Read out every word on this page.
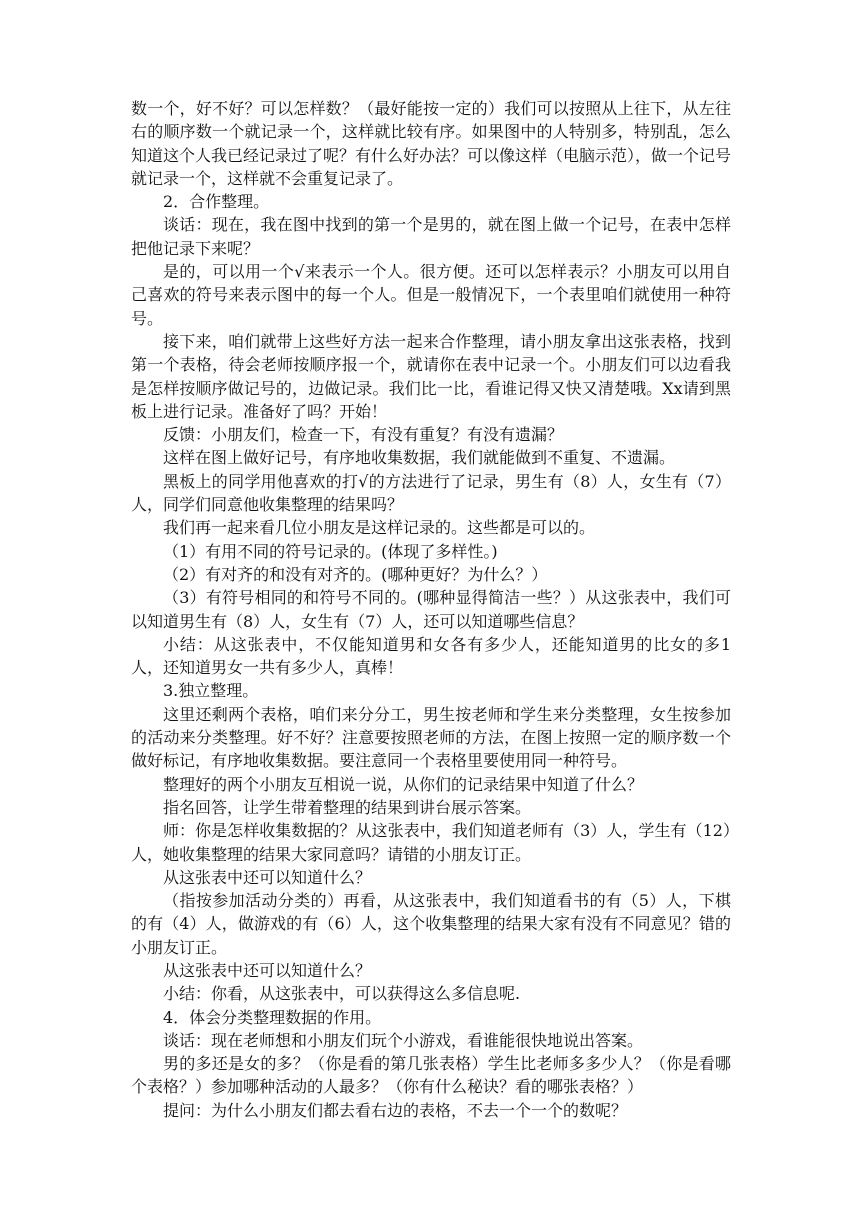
数一个，好不好？可以怎样数？（最好能按一定的）我们可以按照从上往下，从左往右的顺序数一个就记录一个，这样就比较有序。如果图中的人特别多，特别乱，怎么知道这个人我已经记录过了呢？有什么好办法？可以像这样（电脑示范），做一个记号就记录一个，这样就不会重复记录了。

2．合作整理。

谈话：现在，我在图中找到的第一个是男的，就在图上做一个记号，在表中怎样把他记录下来呢？

是的，可以用一个√来表示一个人。很方便。还可以怎样表示？小朋友可以用自己喜欢的符号来表示图中的每一个人。但是一般情况下，一个表里咱们就使用一种符号。

接下来，咱们就带上这些好方法一起来合作整理，请小朋友拿出这张表格，找到第一个表格，待会老师按顺序报一个，就请你在表中记录一个。小朋友们可以边看我是怎样按顺序做记号的，边做记录。我们比一比，看谁记得又快又清楚哦。Xx请到黑板上进行记录。准备好了吗？开始！

反馈：小朋友们，检查一下，有没有重复？有没有遗漏？

这样在图上做好记号，有序地收集数据，我们就能做到不重复、不遗漏。

黑板上的同学用他喜欢的打√的方法进行了记录，男生有（8）人，女生有（7）人，同学们同意他收集整理的结果吗？

我们再一起来看几位小朋友是这样记录的。这些都是可以的。

（1）有用不同的符号记录的。(体现了多样性。)

（2）有对齐的和没有对齐的。(哪种更好？为什么？）

（3）有符号相同的和符号不同的。(哪种显得简洁一些？）从这张表中，我们可以知道男生有（8）人，女生有（7）人，还可以知道哪些信息？

小结：从这张表中，不仅能知道男和女各有多少人，还能知道男的比女的多1人，还知道男女一共有多少人，真棒！

3.独立整理。

这里还剩两个表格，咱们来分分工，男生按老师和学生来分类整理，女生按参加的活动来分类整理。好不好？注意要按照老师的方法，在图上按照一定的顺序数一个做好标记，有序地收集数据。要注意同一个表格里要使用同一种符号。

整理好的两个小朋友互相说一说，从你们的记录结果中知道了什么？

指名回答，让学生带着整理的结果到讲台展示答案。

师：你是怎样收集数据的？从这张表中，我们知道老师有（3）人，学生有（12）人，她收集整理的结果大家同意吗？请错的小朋友订正。

从这张表中还可以知道什么？

（指按参加活动分类的）再看，从这张表中，我们知道看书的有（5）人，下棋的有（4）人，做游戏的有（6）人，这个收集整理的结果大家有没有不同意见？错的小朋友订正。

从这张表中还可以知道什么？

小结：你看，从这张表中，可以获得这么多信息呢.

4．体会分类整理数据的作用。

谈话：现在老师想和小朋友们玩个小游戏，看谁能很快地说出答案。

男的多还是女的多？（你是看的第几张表格）学生比老师多多少人？（你是看哪个表格？）参加哪种活动的人最多？（你有什么秘诀？看的哪张表格？）

提问：为什么小朋友们都去看右边的表格，不去一个一个的数呢？
